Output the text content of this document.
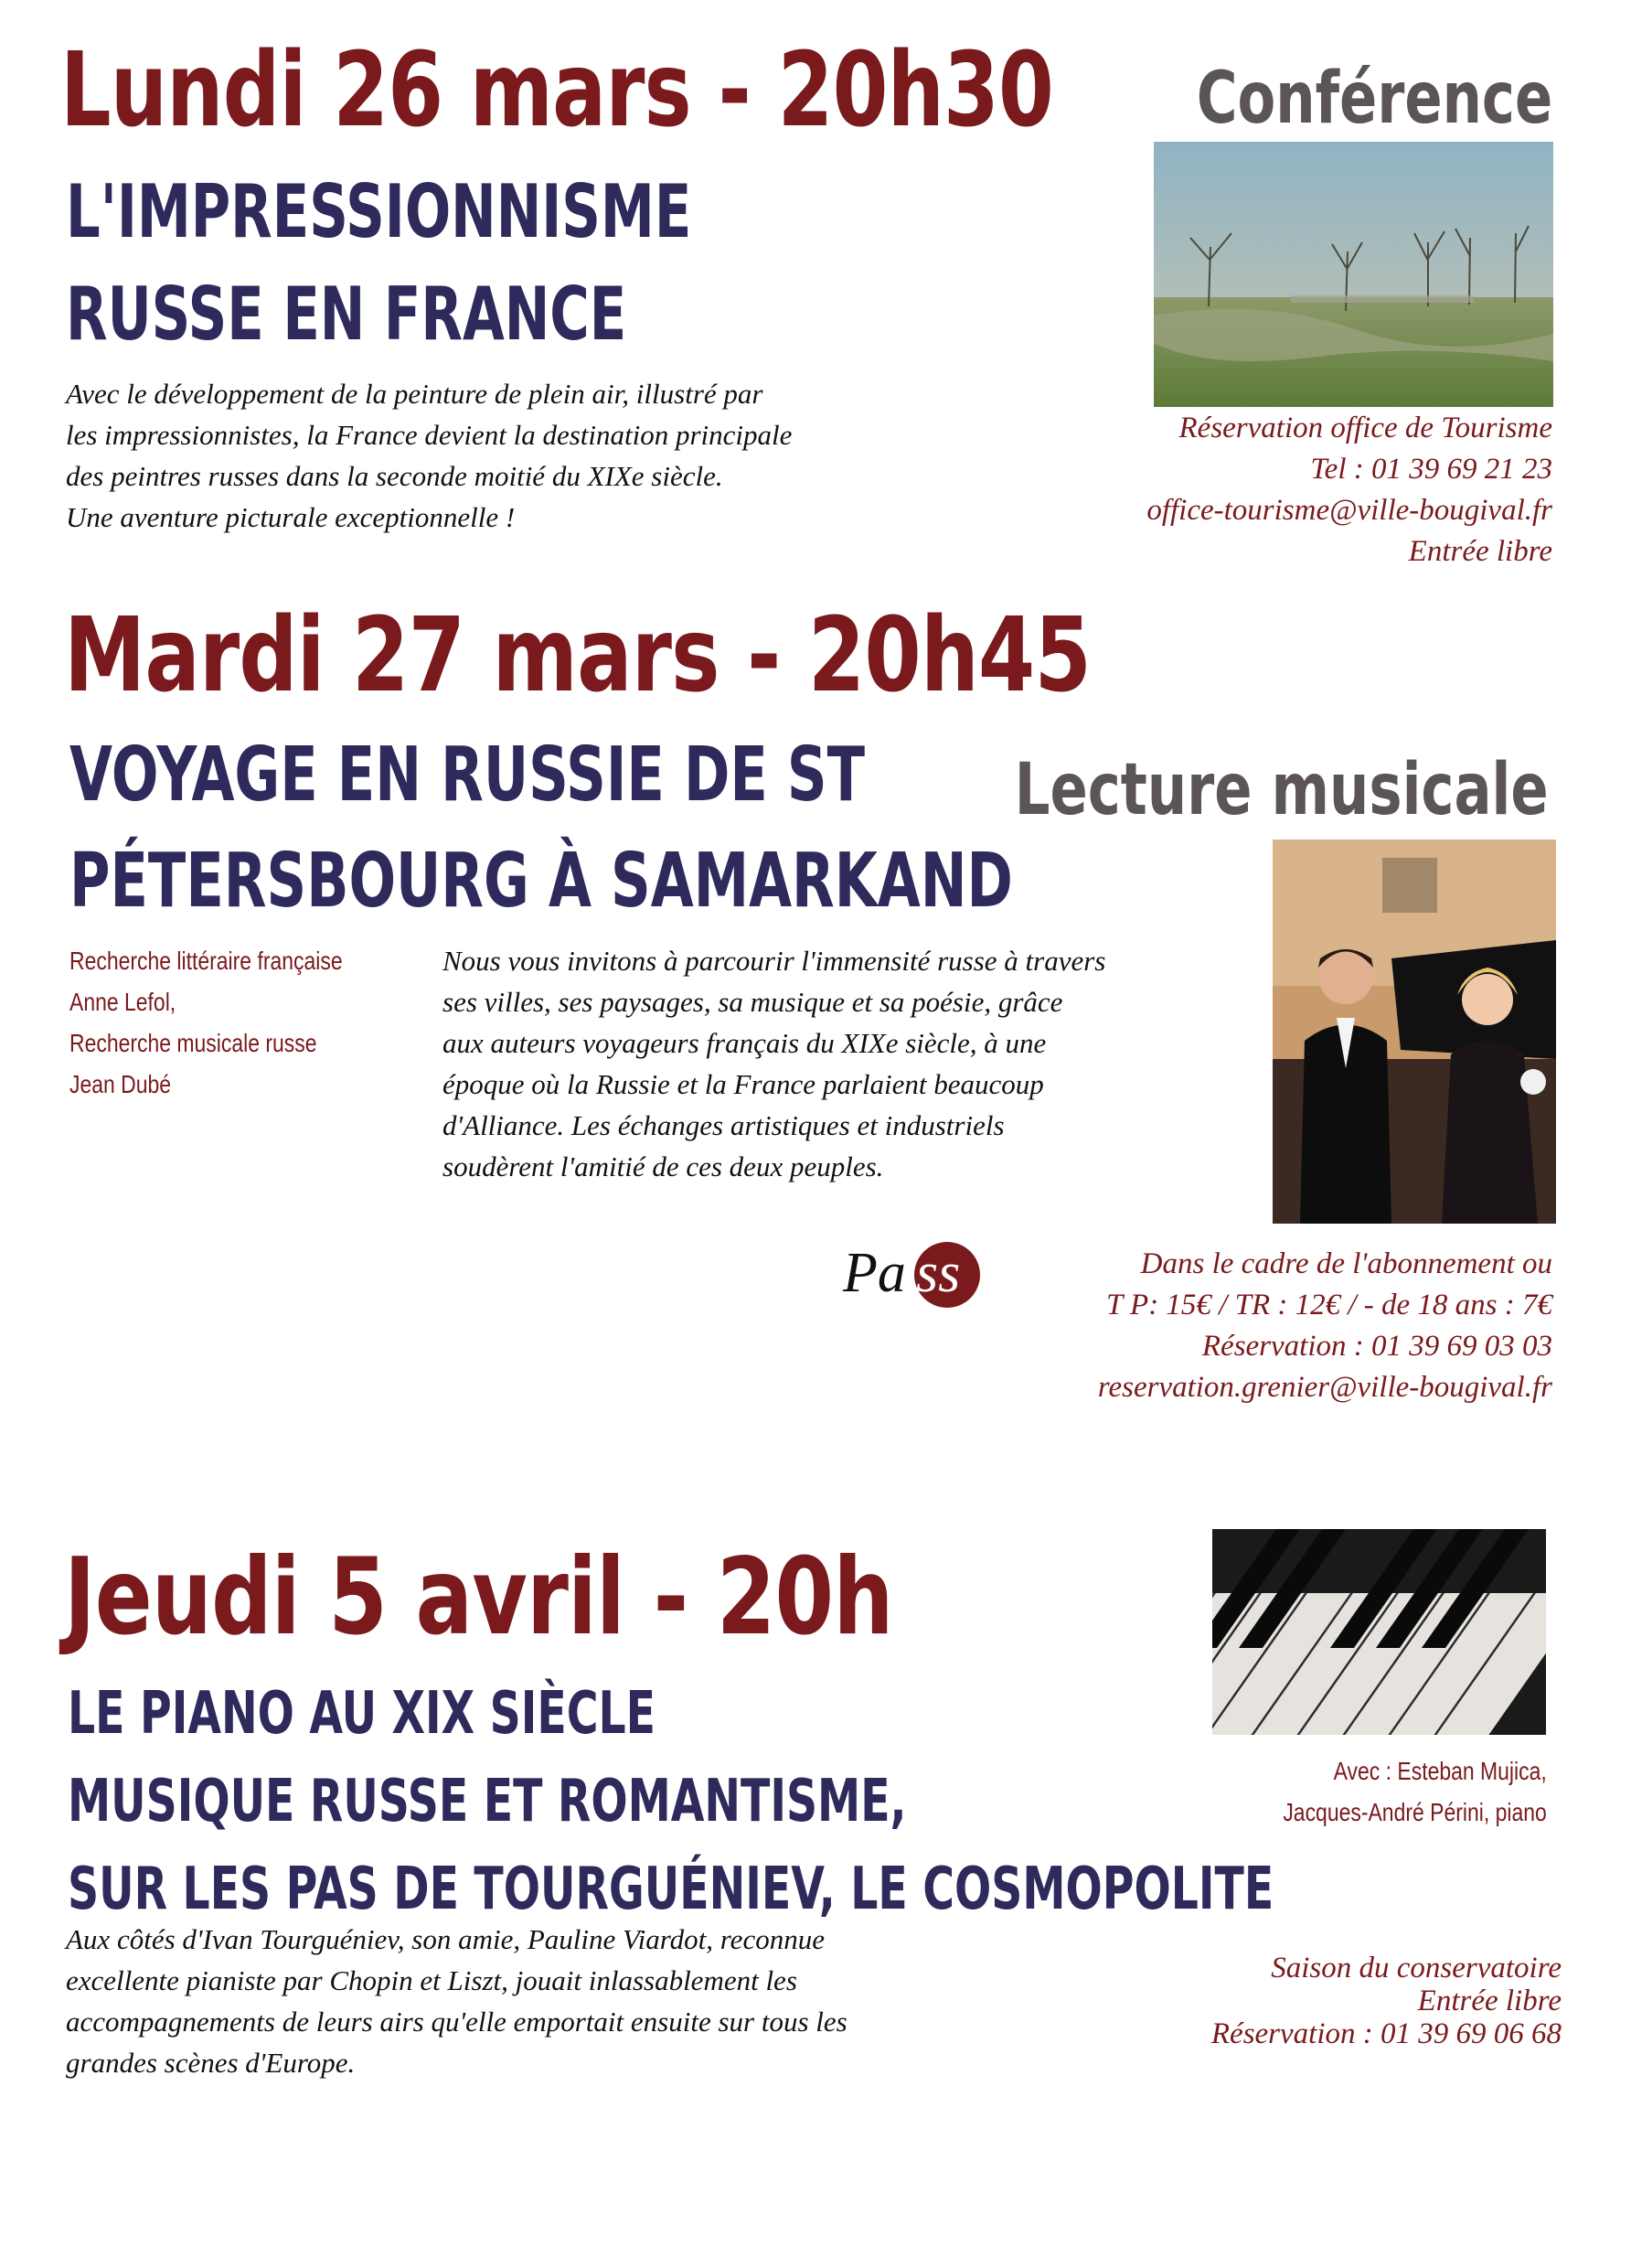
Lundi 26 mars - 20h30 Conférence
L'IMPRESSIONNISME
RUSSE EN FRANCE
Avec le développement de la peinture de plein air, illustré par
les impressionnistes, la France devient la destination principale
des peintres russes dans la seconde moitié du XIXe siècle.
Une aventure picturale exceptionnelle !
Réservation office de Tourisme
Tel : 01 39 69 21 23
office-tourisme@ville-bougival.fr
Entrée libre
Mardi 27 mars - 20h45
VOYAGE EN RUSSIE DE ST
PÉTERSBOURG À SAMARKAND
Lecture musicale
Recherche littéraire française
Anne Lefol,
Recherche musicale russe
Jean Dubé
Nous vous invitons à parcourir l'immensité russe à travers
ses villes, ses paysages, sa musique et sa poésie, grâce
aux auteurs voyageurs français du XIXe siècle, à une
époque où la Russie et la France parlaient beaucoup
d'Alliance. Les échanges artistiques et industriels
soudèrent l'amitié de ces deux peuples.
Pa ss	Dans le cadre de l'abonnement ou
T P: 15€ / TR : 12€ / - de 18 ans : 7€
Réservation : 01 39 69 03 03
reservation.grenier@ville-bougival.fr
Jeudi 5 avril - 20h
LE PIANO AU XIX SIÈCLE
MUSIQUE RUSSE ET ROMANTISME,
SUR LES PAS DE TOURGUÉNIEV, LE COSMOPOLITE
Avec : Esteban Mujica,
Jacques-André Périni, piano
Aux côtés d'Ivan Tourguéniev, son amie, Pauline Viardot, reconnue
excellente pianiste par Chopin et Liszt, jouait inlassablement les
accompagnements de leurs airs qu'elle emportait ensuite sur tous les
grandes scènes d'Europe.
Saison du conservatoire
Entrée libre
Réservation : 01 39 69 06 68
